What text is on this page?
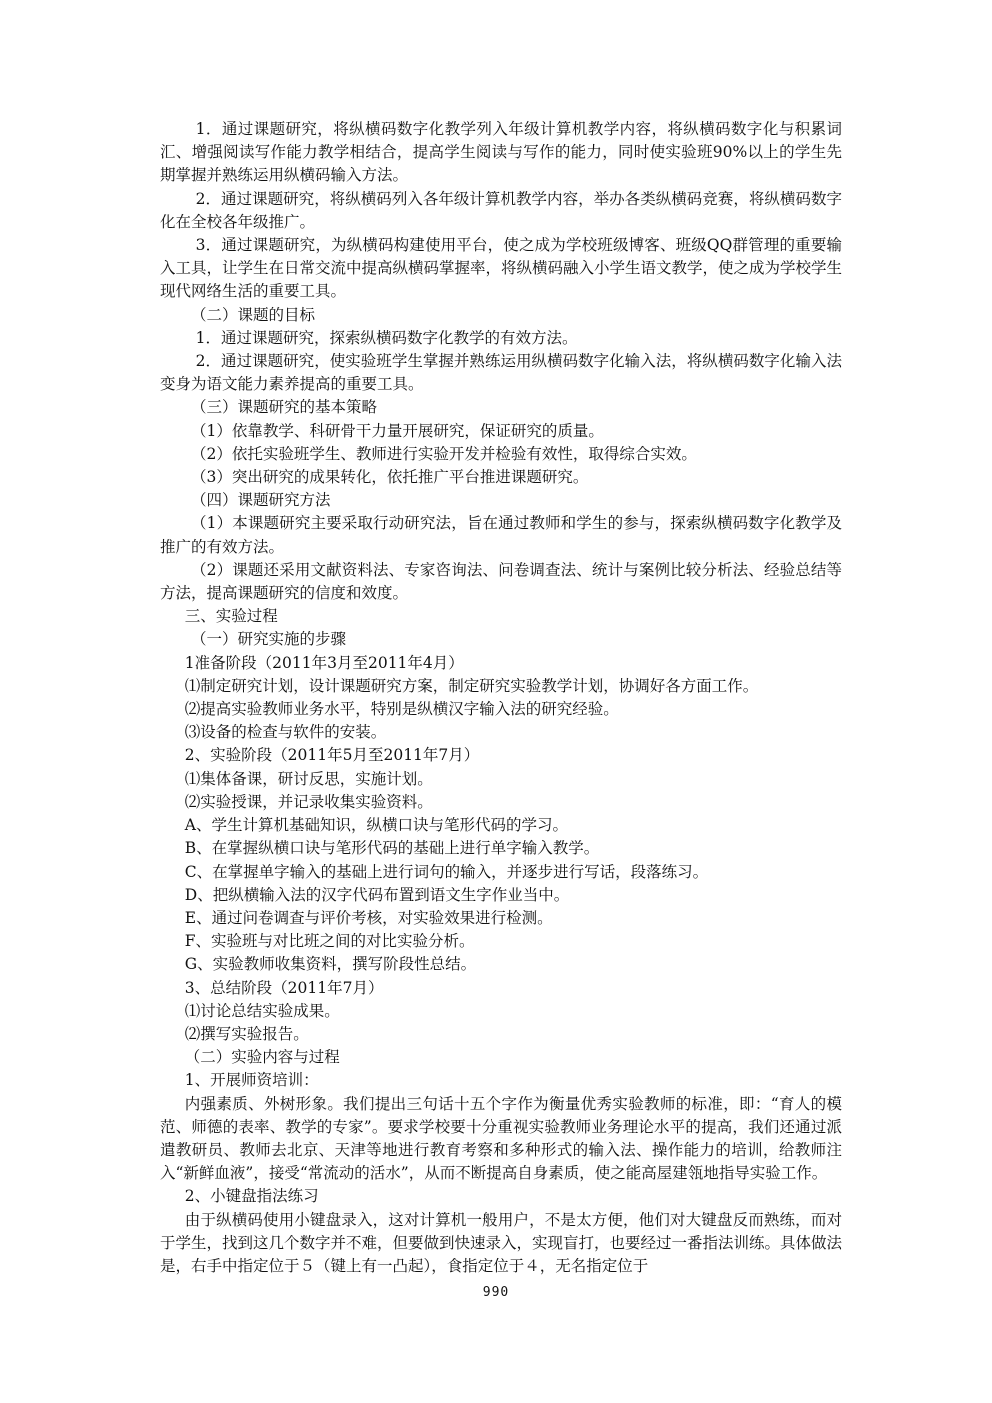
1．通过课题研究，将纵横码数字化教学列入年级计算机教学内容，将纵横码数字化与积累词汇、增强阅读写作能力教学相结合，提高学生阅读与写作的能力，同时使实验班90%以上的学生先期掌握并熟练运用纵横码输入方法。

2．通过课题研究，将纵横码列入各年级计算机教学内容，举办各类纵横码竞赛，将纵横码数字化在全校各年级推广。

3．通过课题研究，为纵横码构建使用平台，使之成为学校班级博客、班级QQ群管理的重要输入工具，让学生在日常交流中提高纵横码掌握率，将纵横码融入小学生语文教学，使之成为学校学生现代网络生活的重要工具。

（二）课题的目标

1．通过课题研究，探索纵横码数字化教学的有效方法。

2．通过课题研究，使实验班学生掌握并熟练运用纵横码数字化输入法，将纵横码数字化输入法变身为语文能力素养提高的重要工具。

（三）课题研究的基本策略

（1）依靠教学、科研骨干力量开展研究，保证研究的质量。

（2）依托实验班学生、教师进行实验开发并检验有效性，取得综合实效。

（3）突出研究的成果转化，依托推广平台推进课题研究。

（四）课题研究方法

（1）本课题研究主要采取行动研究法，旨在通过教师和学生的参与，探索纵横码数字化教学及推广的有效方法。

（2）课题还采用文献资料法、专家咨询法、问卷调查法、统计与案例比较分析法、经验总结等方法，提高课题研究的信度和效度。

三、实验过程

（一）研究实施的步骤

1准备阶段（2011年3月至2011年4月）

⑴制定研究计划，设计课题研究方案，制定研究实验教学计划，协调好各方面工作。

⑵提高实验教师业务水平，特别是纵横汉字输入法的研究经验。

⑶设备的检查与软件的安装。

2、实验阶段（2011年5月至2011年7月）

⑴集体备课，研讨反思，实施计划。

⑵实验授课，并记录收集实验资料。

A、学生计算机基础知识，纵横口诀与笔形代码的学习。

B、在掌握纵横口诀与笔形代码的基础上进行单字输入教学。

C、在掌握单字输入的基础上进行词句的输入，并逐步进行写话，段落练习。

D、把纵横输入法的汉字代码布置到语文生字作业当中。

E、通过问卷调查与评价考核，对实验效果进行检测。

F、实验班与对比班之间的对比实验分析。

G、实验教师收集资料，撰写阶段性总结。

3、总结阶段（2011年7月）

⑴讨论总结实验成果。

⑵撰写实验报告。

（二）实验内容与过程

1、开展师资培训：

内强素质、外树形象。我们提出三句话十五个字作为衡量优秀实验教师的标准，即：“育人的模范、师德的表率、教学的专家”。要求学校要十分重视实验教师业务理论水平的提高，我们还通过派遣教研员、教师去北京、天津等地进行教育考察和多种形式的输入法、操作能力的培训，给教师注入“新鲜血液”，接受“常流动的活水”，从而不断提高自身素质，使之能高屋建瓴地指导实验工作。

2、小键盘指法练习

由于纵横码使用小键盘录入，这对计算机一般用户，不是太方便，他们对大键盘反而熟练，而对于学生，找到这几个数字并不难，但要做到快速录入，实现盲打，也要经过一番指法训练。具体做法是，右手中指定位于５（键上有一凸起），食指定位于４，无名指定位于

990
